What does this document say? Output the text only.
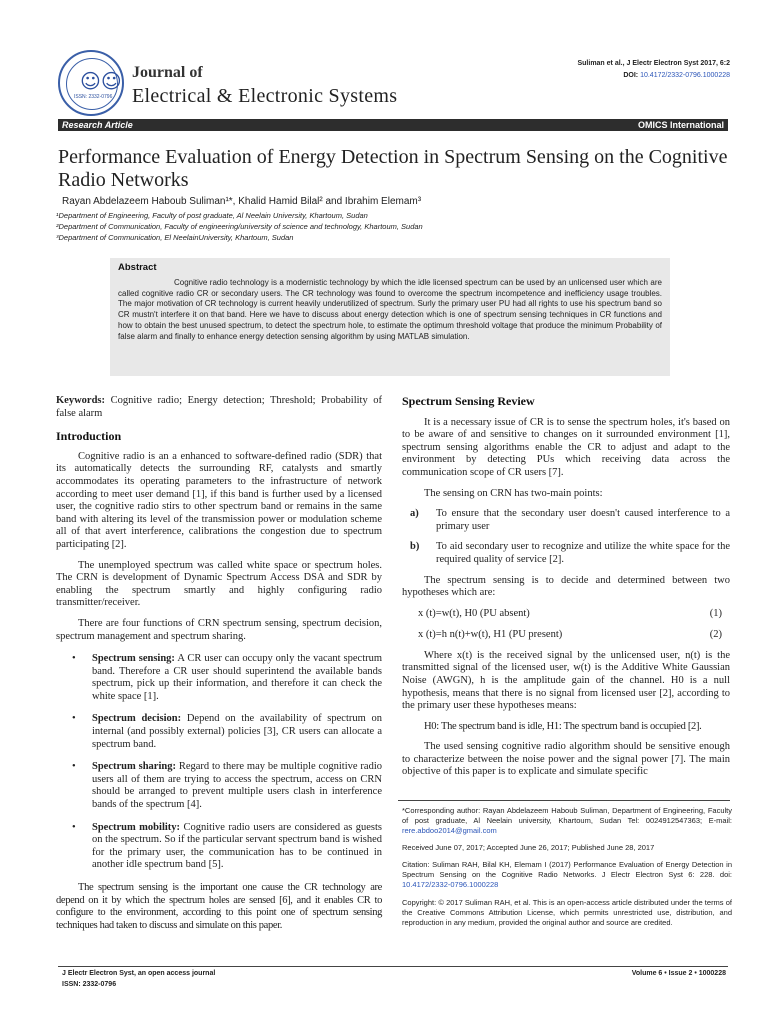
☺☺
ISSN: 2332-0796
Journal of
Electrical & Electronic Systems
Suliman et al., J Electr Electron Syst 2017, 6:2
DOI: 10.4172/2332-0796.1000228
Research Article	OMICS International
Performance Evaluation of Energy Detection in Spectrum Sensing on the Cognitive Radio Networks
Rayan Abdelazeem Haboub Suliman¹*, Khalid Hamid Bilal² and Ibrahim Elemam³
¹Department of Engineering, Faculty of post graduate, Al Neelain University, Khartoum, Sudan
²Department of Communication, Faculty of engineering/university of science and technology, Khartoum, Sudan
³Department of Communication, El NeelainUniversity, Khartoum, Sudan
Abstract
Cognitive radio technology is a modernistic technology by which the idle licensed spectrum can be used by an unlicensed user which are called cognitive radio CR or secondary users. The CR technology was found to overcome the spectrum incompetence and inefficiency usage troubles. The major motivation of CR technology is current heavily underutilized of spectrum. Surly the primary user PU had all rights to use his spectrum band so CR mustn't interfere it on that band. Here we have to discuss about energy detection which is one of spectrum sensing techniques in CR functions and how to obtain the best unused spectrum, to detect the spectrum hole, to estimate the optimum threshold voltage that produce the minimum Probability of false alarm and finally to enhance energy detection sensing algorithm by using MATLAB simulation.

Keywords: Cognitive radio; Energy detection; Threshold; Probability of false alarm

Introduction

Cognitive radio is an a enhanced to software-defined radio (SDR) that its automatically detects the surrounding RF, catalysts and smartly accommodates its operating parameters to the infrastructure of network according to meet user demand [1], if this band is further used by a licensed user, the cognitive radio stirs to other spectrum band or remains in the same band with altering its level of the transmission power or modulation scheme all of that avert interference, calibrations the congestion due to spectrum participating [2].

The unemployed spectrum was called white space or spectrum holes. The CRN is development of Dynamic Spectrum Access DSA and SDR by enabling the spectrum smartly and highly configuring radio transmitter/receiver.

There are four functions of CRN spectrum sensing, spectrum decision, spectrum management and spectrum sharing.

• Spectrum sensing: A CR user can occupy only the vacant spectrum band. Therefore a CR user should superintend the available bands spectrum, pick up their information, and therefore it can check the white space [1].
• Spectrum decision: Depend on the availability of spectrum on internal (and possibly external) policies [3], CR users can allocate a spectrum band.
• Spectrum sharing: Regard to there may be multiple cognitive radio users all of them are trying to access the spectrum, access on CRN should be arranged to prevent multiple users clash in interference bands of the spectrum [4].
• Spectrum mobility: Cognitive radio users are considered as guests on the spectrum. So if the particular servant spectrum band is wished for the primary user, the communication has to be continued in another idle spectrum band [5].

The spectrum sensing is the important one cause the CR technology are depend on it by which the spectrum holes are sensed [6], and it enables CR to configure to the environment, according to this point one of spectrum sensing techniques had taken to discuss and simulate on this paper.

Spectrum Sensing Review

It is a necessary issue of CR is to sense the spectrum holes, it's based on to be aware of and sensitive to changes on it surrounded environment [1], spectrum sensing algorithms enable the CR to adjust and adapt to the environment by detecting PUs which receiving data across the communication scope of CR users [7].

The sensing on CRN has two-main points:

a) To ensure that the secondary user doesn't caused interference to a primary user
b) To aid secondary user to recognize and utilize the white space for the required quality of service [2].

The spectrum sensing is to decide and determined between two hypotheses which are:

x (t)=w(t), H0 (PU absent)	(1)
x (t)=h n(t)+w(t), H1 (PU present)	(2)

Where x(t) is the received signal by the unlicensed user, n(t) is the transmitted signal of the licensed user, w(t) is the Additive White Gaussian Noise (AWGN), h is the amplitude gain of the channel. H0 is a null hypothesis, means that there is no signal from licensed user [2], according to the primary user these hypotheses means:

H0: The spectrum band is idle, H1: The spectrum band is occupied [2].

The used sensing cognitive radio algorithm should be sensitive enough to characterize between the noise power and the signal power [7]. The main objective of this paper is to explicate and simulate specific

*Corresponding author: Rayan Abdelazeem Haboub Suliman, Department of Engineering, Faculty of post graduate, Al Neelain university, Khartoum, Sudan Tel: 0024912547363; E-mail: rere.abdoo2014@gmail.com
Received June 07, 2017; Accepted June 26, 2017; Published June 28, 2017
Citation: Suliman RAH, Bilal KH, Elemam I (2017) Performance Evaluation of Energy Detection in Spectrum Sensing on the Cognitive Radio Networks. J Electr Electron Syst 6: 228. doi: 10.4172/2332-0796.1000228
Copyright: © 2017 Suliman RAH, et al. This is an open-access article distributed under the terms of the Creative Commons Attribution License, which permits unrestricted use, distribution, and reproduction in any medium, provided the original author and source are credited.
J Electr Electron Syst, an open access journal
ISSN: 2332-0796
Volume 6 • Issue 2 • 1000228
